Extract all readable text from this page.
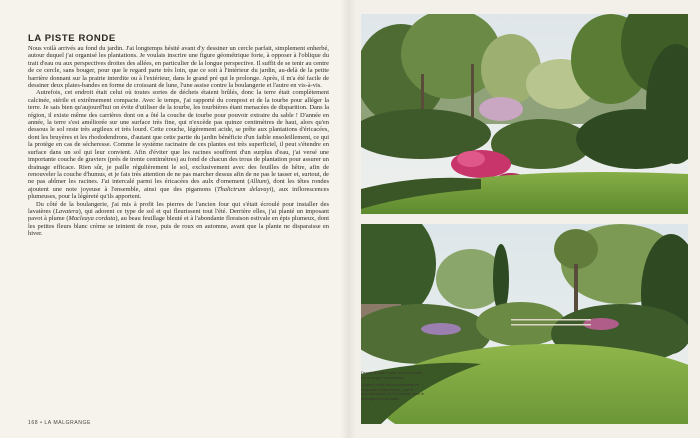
LA PISTE RONDE

Nous voilà arrivés au fond du jardin. J'ai longtemps hésité avant d'y dessiner un cercle parfait, simplement enherbé, autour duquel j'ai organisé les plantations. Je voulais inscrire une figure géométrique forte, à opposer à l'oblique du trait d'eau ou aux perspectives droites des allées, en particulier de la longue perspective. Il suffit de se tenir au centre de ce cercle, sans bouger, pour que le regard parte très loin, que ce soit à l'intérieur du jardin, au-delà de la petite barrière donnant sur la prairie interdite ou à l'extérieur, dans le grand pré qui le prolonge. Après, il m'a été facile de dessiner deux plates-bandes en forme de croissant de lune, l'une assise contre la boulangerie et l'autre en vis-à-vis.

Autrefois, cet endroit était celui où toutes sortes de déchets étaient brûlés, donc la terre était complètement calcinée, stérile et extrêmement compacte. Avec le temps, j'ai rapporté du compost et de la tourbe pour alléger la terre. Je sais bien qu'aujourd'hui on évite d'utiliser de la tourbe, les tourbières étant menacées de disparition. Dans la région, il existe même des carrières dont on a ôté la couche de tourbe pour pouvoir extraire du sable ! D'année en année, la terre s'est améliorée sur une surface très fine, qui n'excède pas quinze centimètres de haut, alors qu'en dessous le sol reste très argileux et très lourd. Cette couche, légèrement acide, se prête aux plantations d'éricacées, dont les bruyères et les rhododendrons, d'autant que cette partie du jardin bénéficie d'un faible ensoleillement, ce qui la protège en cas de sécheresse. Comme le système racinaire de ces plantes est très superficiel, il peut s'étendre en surface dans un sol qui leur convient. Afin d'éviter que les racines souffrent d'un surplus d'eau, j'ai versé une importante couche de graviers (près de trente centimètres) au fond de chacun des trous de plantation pour assurer un drainage efficace. Rien sûr, je paille régulièrement le sol, exclusivement avec des feuilles de hêtre, afin de renouveler la couche d'humus, et je fais très attention de ne pas marcher dessus afin de ne pas le tasser et, surtout, de ne pas abîmer les racines. J'ai intercalé parmi les éricacées des aulx d'ornement (Allium), dont les têtes rondes ajoutent une note joyeuse à l'ensemble, ainsi que des pigamons (Thalictrum delavayi), aux inflorescences plumeuses, pour la légèreté qu'ils apportent.

Du côté de la boulangerie, j'ai mis à profit les pierres de l'ancien four qui s'était écroulé pour installer des lavatères (Lavatera), qui adorent ce type de sol et qui fleurissent tout l'été. Derrière elles, j'ai planté un imposant pavot à plume (Macleaya cordata), au beau feuillage bleuté et à l'abondante floraison estivale en épis plumeux, dont les petites fleurs blanc crème se teintent de rose, puis de roux en automne, avant que la plante ne disparaisse en hiver.

168 • LA MALGRANGE
Depuis la piste ronde, la vue s'écoule sur le verger de pommiers.
La piste ronde avec la silhouette en cinquante pétaquetonne, puis la bannière étalée de l'if d'Irlande dans le prolongement du jardin.
